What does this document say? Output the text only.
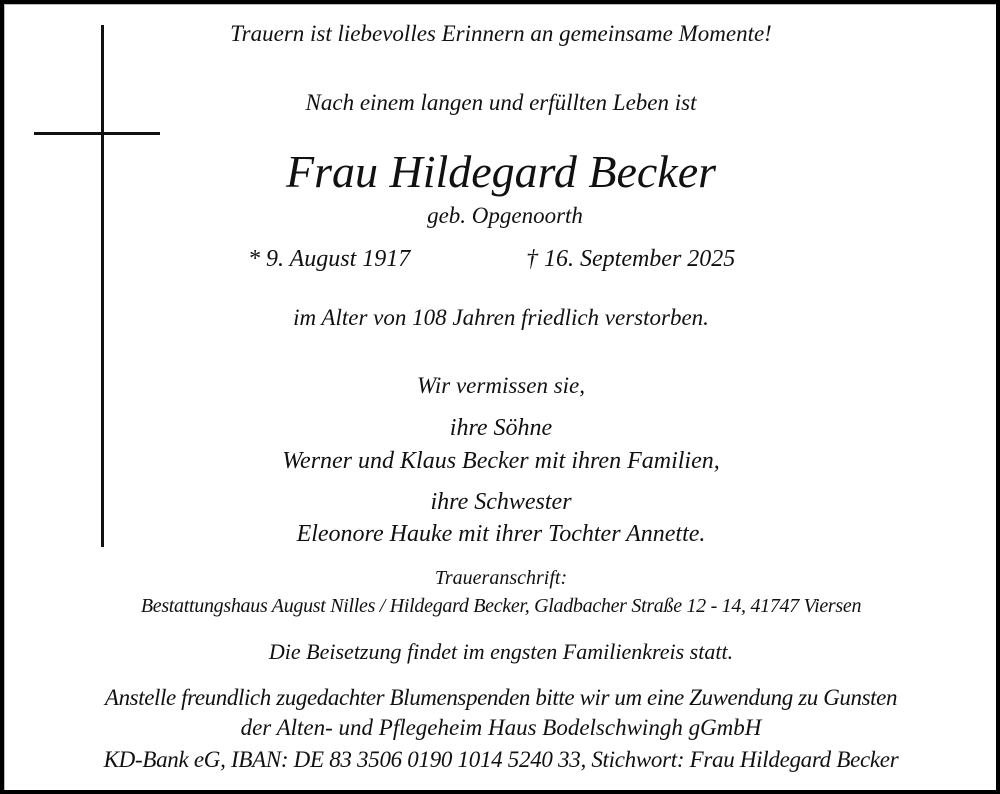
Trauern ist liebevolles Erinnern an gemeinsame Momente!
Nach einem langen und erfüllten Leben ist
Frau Hildegard Becker
geb. Opgenoorth
* 9. August 1917	† 16. September 2025
im Alter von 108 Jahren friedlich verstorben.
Wir vermissen sie,
ihre Söhne
Werner und Klaus Becker mit ihren Familien,
ihre Schwester
Eleonore Hauke mit ihrer Tochter Annette.
Traueranschrift:
Bestattungshaus August Nilles / Hildegard Becker, Gladbacher Straße 12 - 14, 41747 Viersen
Die Beisetzung findet im engsten Familienkreis statt.
Anstelle freundlich zugedachter Blumenspenden bitte wir um eine Zuwendung zu Gunsten
der Alten- und Pflegeheim Haus Bodelschwingh gGmbH
KD-Bank eG, IBAN: DE 83 3506 0190 1014 5240 33, Stichwort: Frau Hildegard Becker
